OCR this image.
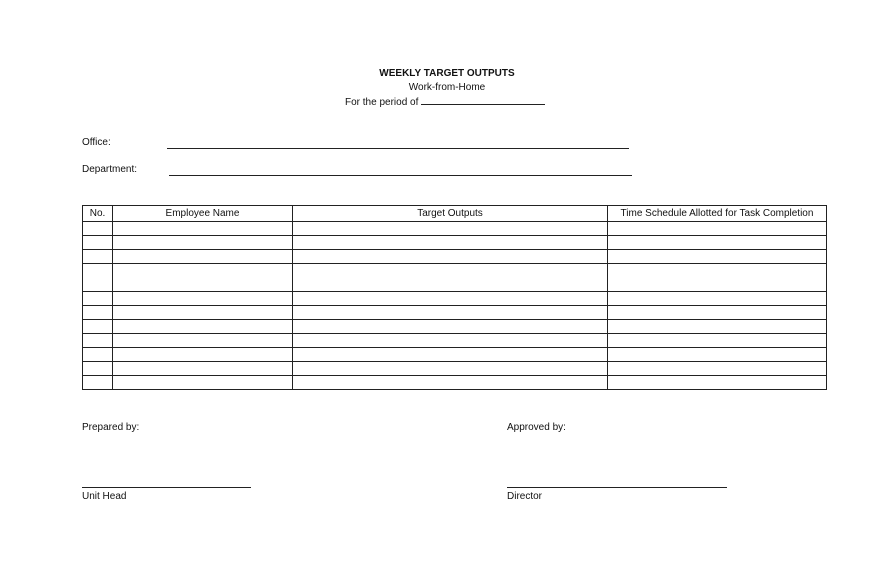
WEEKLY TARGET OUTPUTS
Work-from-Home
For the period of
Office:
Department:
No.	Employee Name	Target Outputs	Time Schedule Allotted for Task Completion

Prepared by:
Unit Head
Approved by:
Director
